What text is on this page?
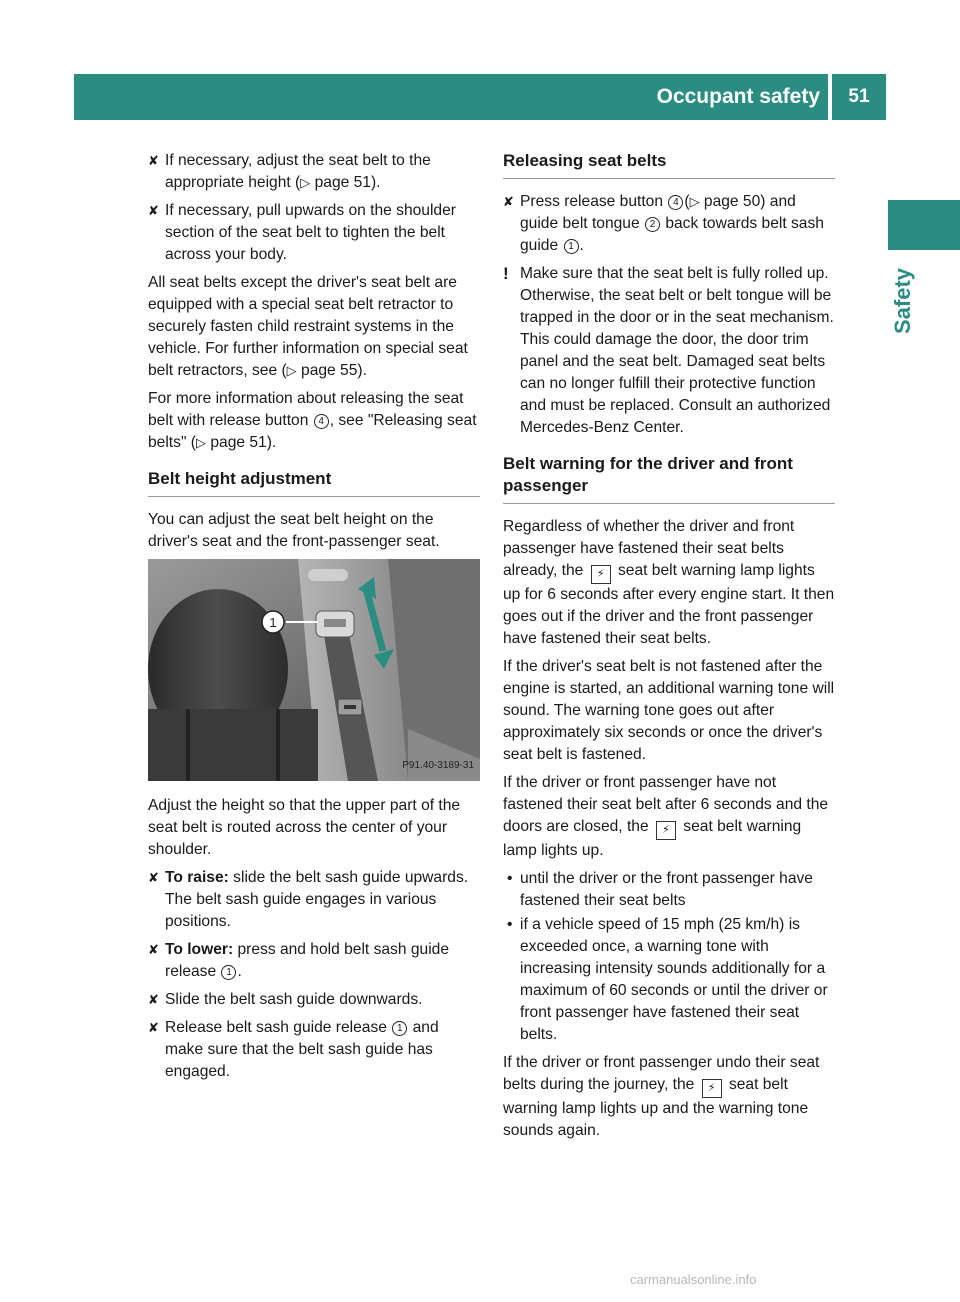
Occupant safety	51
Safety
✘ If necessary, adjust the seat belt to the appropriate height (▷ page 51).
✘ If necessary, pull upwards on the shoulder section of the seat belt to tighten the belt across your body.

All seat belts except the driver's seat belt are equipped with a special seat belt retractor to securely fasten child restraint systems in the vehicle. For further information on special seat belt retractors, see (▷ page 55).

For more information about releasing the seat belt with release button 4 , see "Releasing seat belts" (▷ page 51).

Belt height adjustment

You can adjust the seat belt height on the driver's seat and the front-passenger seat.

1
P91.40-3189-31

Adjust the height so that the upper part of the seat belt is routed across the center of your shoulder.

✘ To raise: slide the belt sash guide upwards. The belt sash guide engages in various positions.
✘ To lower: press and hold belt sash guide release 1 .
✘ Slide the belt sash guide downwards.
✘ Release belt sash guide release 1 and make sure that the belt sash guide has engaged.
Releasing seat belts
✘ Press release button 4 (▷ page 50) and guide belt tongue 2 back towards belt sash guide 1 .
! Make sure that the seat belt is fully rolled up. Otherwise, the seat belt or belt tongue will be trapped in the door or in the seat mechanism. This could damage the door, the door trim panel and the seat belt. Damaged seat belts can no longer fulfill their protective function and must be replaced. Consult an authorized Mercedes-Benz Center.
Belt warning for the driver and front passenger

Regardless of whether the driver and front passenger have fastened their seat belts already, the ⚡ seat belt warning lamp lights up for 6 seconds after every engine start. It then goes out if the driver and the front passenger have fastened their seat belts.

If the driver's seat belt is not fastened after the engine is started, an additional warning tone will sound. The warning tone goes out after approximately six seconds or once the driver's seat belt is fastened.

If the driver or front passenger have not fastened their seat belt after 6 seconds and the doors are closed, the ⚡ seat belt warning lamp lights up.

• until the driver or the front passenger have fastened their seat belts
• if a vehicle speed of 15 mph (25 km/h) is exceeded once, a warning tone with increasing intensity sounds additionally for a maximum of 60 seconds or until the driver or front passenger have fastened their seat belts.

If the driver or front passenger undo their seat belts during the journey, the ⚡ seat belt warning lamp lights up and the warning tone sounds again.

carmanualsonline.info
